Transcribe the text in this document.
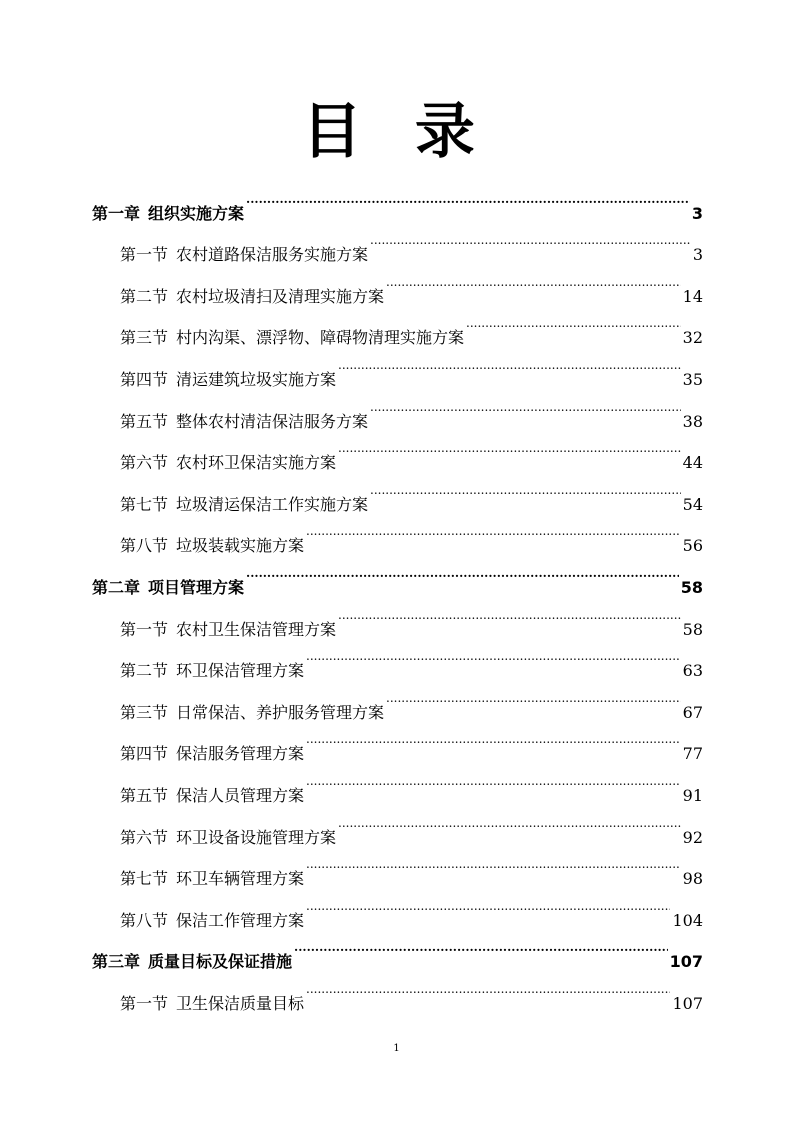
目 录
第一章 组织实施方案 .....	3
第一节 农村道路保洁服务实施方案 .....	3
第二节 农村垃圾清扫及清理实施方案 .....	14
第三节 村内沟渠、漂浮物、障碍物清理实施方案 .....	32
第四节 清运建筑垃圾实施方案 .....	35
第五节 整体农村清洁保洁服务方案 .....	38
第六节 农村环卫保洁实施方案 .....	44
第七节 垃圾清运保洁工作实施方案 .....	54
第八节 垃圾装载实施方案 .....	56
第二章 项目管理方案 .....	58
第一节 农村卫生保洁管理方案 .....	58
第二节 环卫保洁管理方案 .....	63
第三节 日常保洁、养护服务管理方案 .....	67
第四节 保洁服务管理方案 .....	77
第五节 保洁人员管理方案 .....	91
第六节 环卫设备设施管理方案 .....	92
第七节 环卫车辆管理方案 .....	98
第八节 保洁工作管理方案 .....	104
第三章 质量目标及保证措施 .....	107
第一节 卫生保洁质量目标 .....	107
1
